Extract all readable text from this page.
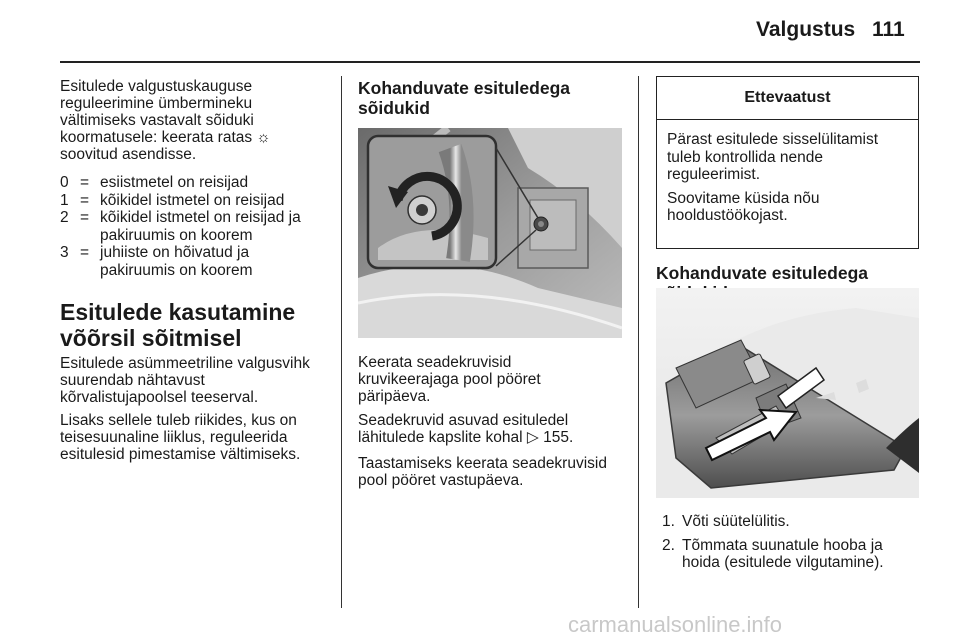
Valgustus 111
Esitulede valgustuskauguse
reguleerimine ümbermineku
vältimiseks vastavalt sõiduki
koormatusele: keerata ratas ☼
soovitud asendisse.
0 = esiistmetel on reisijad
1 = kõikidel istmetel on reisijad
2 = kõikidel istmetel on reisijad ja
pakiruumis on koorem
3 = juhiiste on hõivatud ja
pakiruumis on koorem
Esitulede kasutamine
võõrsil sõitmisel
Esitulede asümmeetriline valgusvihk
suurendab nähtavust
kõrvalistujapoolsel teeserval.
Lisaks sellele tuleb riikides, kus on
teisesuunaline liiklus, reguleerida
esitulesid pimestamise vältimiseks.
Kohanduvate esituledega
sõidukid
Keerata seadekruvisid
kruvikeerajaga pool pööret
päripäeva.
Seadekruvid asuvad esituledel
lähitulede kapslite kohal ▷ 155.
Taastamiseks keerata seadekruvisid
pool pööret vastupäeva.
Ettevaatust
Pärast esitulede sisselülitamist
tuleb kontrollida nende
reguleerimist.
Soovitame küsida nõu
hooldustöökojast.
Kohanduvate esituledega
1. Võti süütelülitis.
2. Tõmmata suunatule hooba ja
hoida (esitulede vilgutamine).
carmanualsonline.info
